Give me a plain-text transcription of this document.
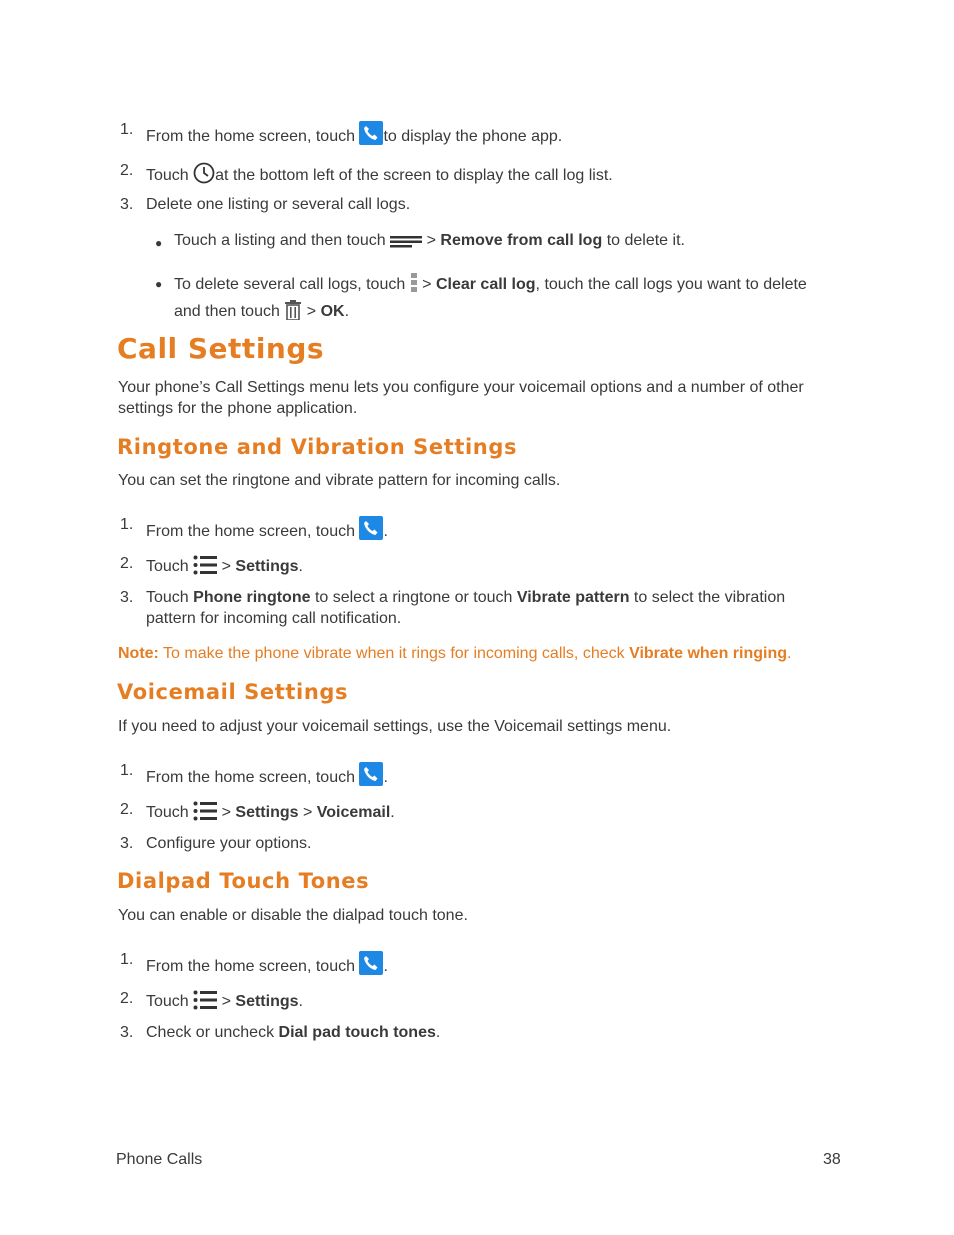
1. From the home screen, touch to display the phone app.
2. Touch at the bottom left of the screen to display the call log list.
3. Delete one listing or several call logs.
● Touch a listing and then touch	> Remove from call log to delete it.
● To delete several call logs, touch > Clear call log, touch the call logs you want to delete
and then touch > OK.
Call Settings
Your phone’s Call Settings menu lets you configure your voicemail options and a number of other
settings for the phone application.
Ringtone and Vibration Settings
You can set the ringtone and vibrate pattern for incoming calls.
1. From the home screen, touch .
2. Touch > Settings.
3. Touch Phone ringtone to select a ringtone or touch Vibrate pattern to select the vibration
pattern for incoming call notification.
Note: To make the phone vibrate when it rings for incoming calls, check Vibrate when ringing.
Voicemail Settings
If you need to adjust your voicemail settings, use the Voicemail settings menu.
1. From the home screen, touch .
2. Touch > Settings > Voicemail.
3. Configure your options.
Dialpad Touch Tones
You can enable or disable the dialpad touch tone.
1. From the home screen, touch .
2. Touch > Settings.
3. Check or uncheck Dial pad touch tones.
Phone Calls	38
